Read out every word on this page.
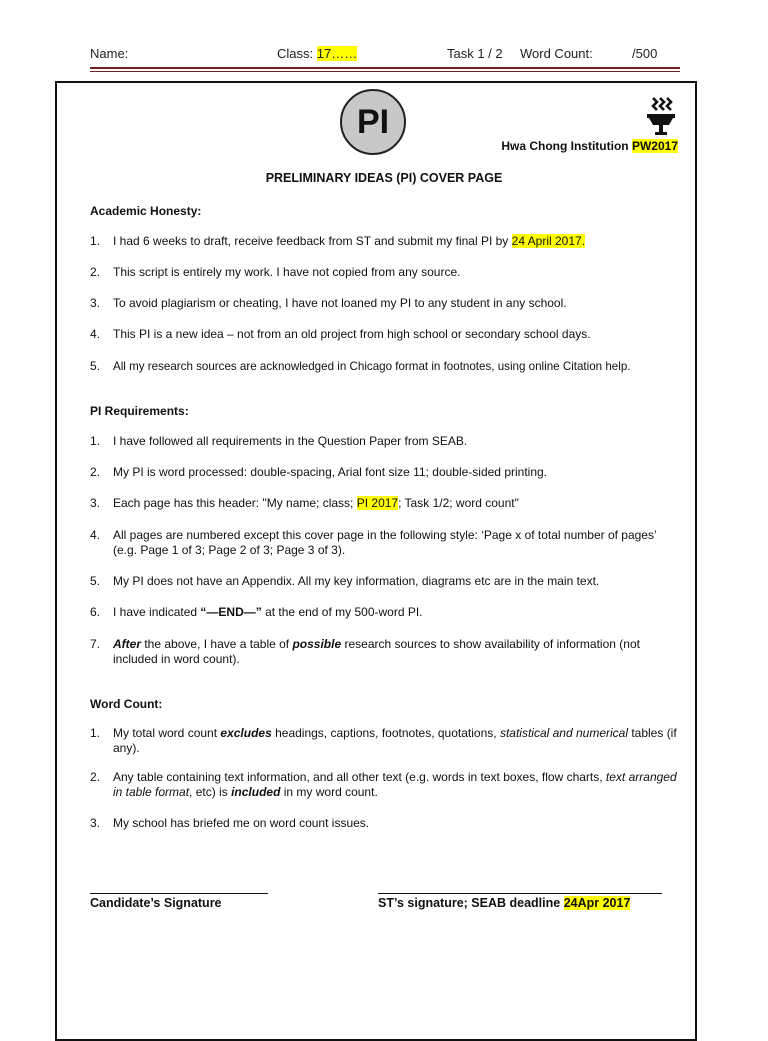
Name:	Class: 17……	Task 1 / 2 Word Count:	/500
PI
Hwa Chong Institution PW2017
PRELIMINARY IDEAS (PI) COVER PAGE
Academic Honesty:
1.	I had 6 weeks to draft, receive feedback from ST and submit my final PI by 24 April 2017.
2.	This script is entirely my work. I have not copied from any source.
3.	To avoid plagiarism or cheating, I have not loaned my PI to any student in any school.
4.	This PI is a new idea – not from an old project from high school or secondary school days.
5.	All my research sources are acknowledged in Chicago format in footnotes, using online Citation help.
PI Requirements:
1.	I have followed all requirements in the Question Paper from SEAB.
2.	My PI is word processed: double-spacing, Arial font size 11; double-sided printing.
3.	Each page has this header: "My name; class; PI 2017; Task 1/2; word count"
4.	All pages are numbered except this cover page in the following style: ‘Page x of total number of pages’ (e.g. Page 1 of 3; Page 2 of 3; Page 3 of 3).
5.	My PI does not have an Appendix. All my key information, diagrams etc are in the main text.
6.	I have indicated “—END—” at the end of my 500-word PI.
7.	After the above, I have a table of possible research sources to show availability of information (not included in word count).
Word Count:
1.	My total word count excludes headings, captions, footnotes, quotations, statistical and numerical tables (if any).
2.	Any table containing text information, and all other text (e.g. words in text boxes, flow charts, text arranged in table format, etc) is included in my word count.
3.	My school has briefed me on word count issues.
Candidate’s Signature	ST’s signature; SEAB deadline 24Apr 2017
